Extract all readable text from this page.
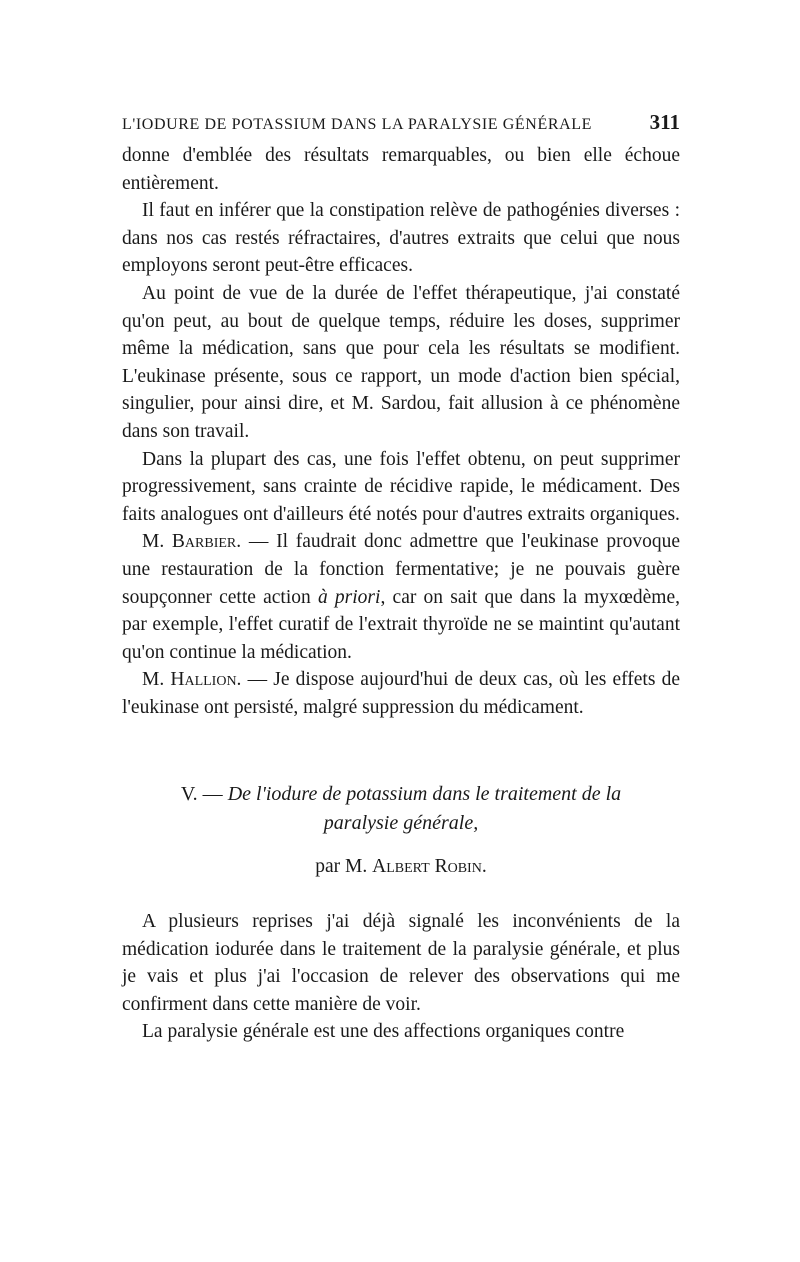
L'IODURE DE POTASSIUM DANS LA PARALYSIE GÉNÉRALE	311

donne d'emblée des résultats remarquables, ou bien elle échoue entièrement.

Il faut en inférer que la constipation relève de pathogénies diverses : dans nos cas restés réfractaires, d'autres extraits que celui que nous employons seront peut-être efficaces.

Au point de vue de la durée de l'effet thérapeutique, j'ai constaté qu'on peut, au bout de quelque temps, réduire les doses, supprimer même la médication, sans que pour cela les résultats se modifient. L'eukinase présente, sous ce rapport, un mode d'action bien spécial, singulier, pour ainsi dire, et M. Sardou, fait allusion à ce phénomène dans son travail.

Dans la plupart des cas, une fois l'effet obtenu, on peut supprimer progressivement, sans crainte de récidive rapide, le médicament. Des faits analogues ont d'ailleurs été notés pour d'autres extraits organiques.

M. Barbier. — Il faudrait donc admettre que l'eukinase provoque une restauration de la fonction fermentative; je ne pouvais guère soupçonner cette action à priori, car on sait que dans la myxœdème, par exemple, l'effet curatif de l'extrait thyroïde ne se maintint qu'autant qu'on continue la médication.

M. Hallion. — Je dispose aujourd'hui de deux cas, où les effets de l'eukinase ont persisté, malgré suppression du médicament.

V. — De l'iodure de potassium dans le traitement de la
paralysie générale,
par M. Albert Robin.

A plusieurs reprises j'ai déjà signalé les inconvénients de la médication iodurée dans le traitement de la paralysie générale, et plus je vais et plus j'ai l'occasion de relever des observations qui me confirment dans cette manière de voir.

La paralysie générale est une des affections organiques contre
